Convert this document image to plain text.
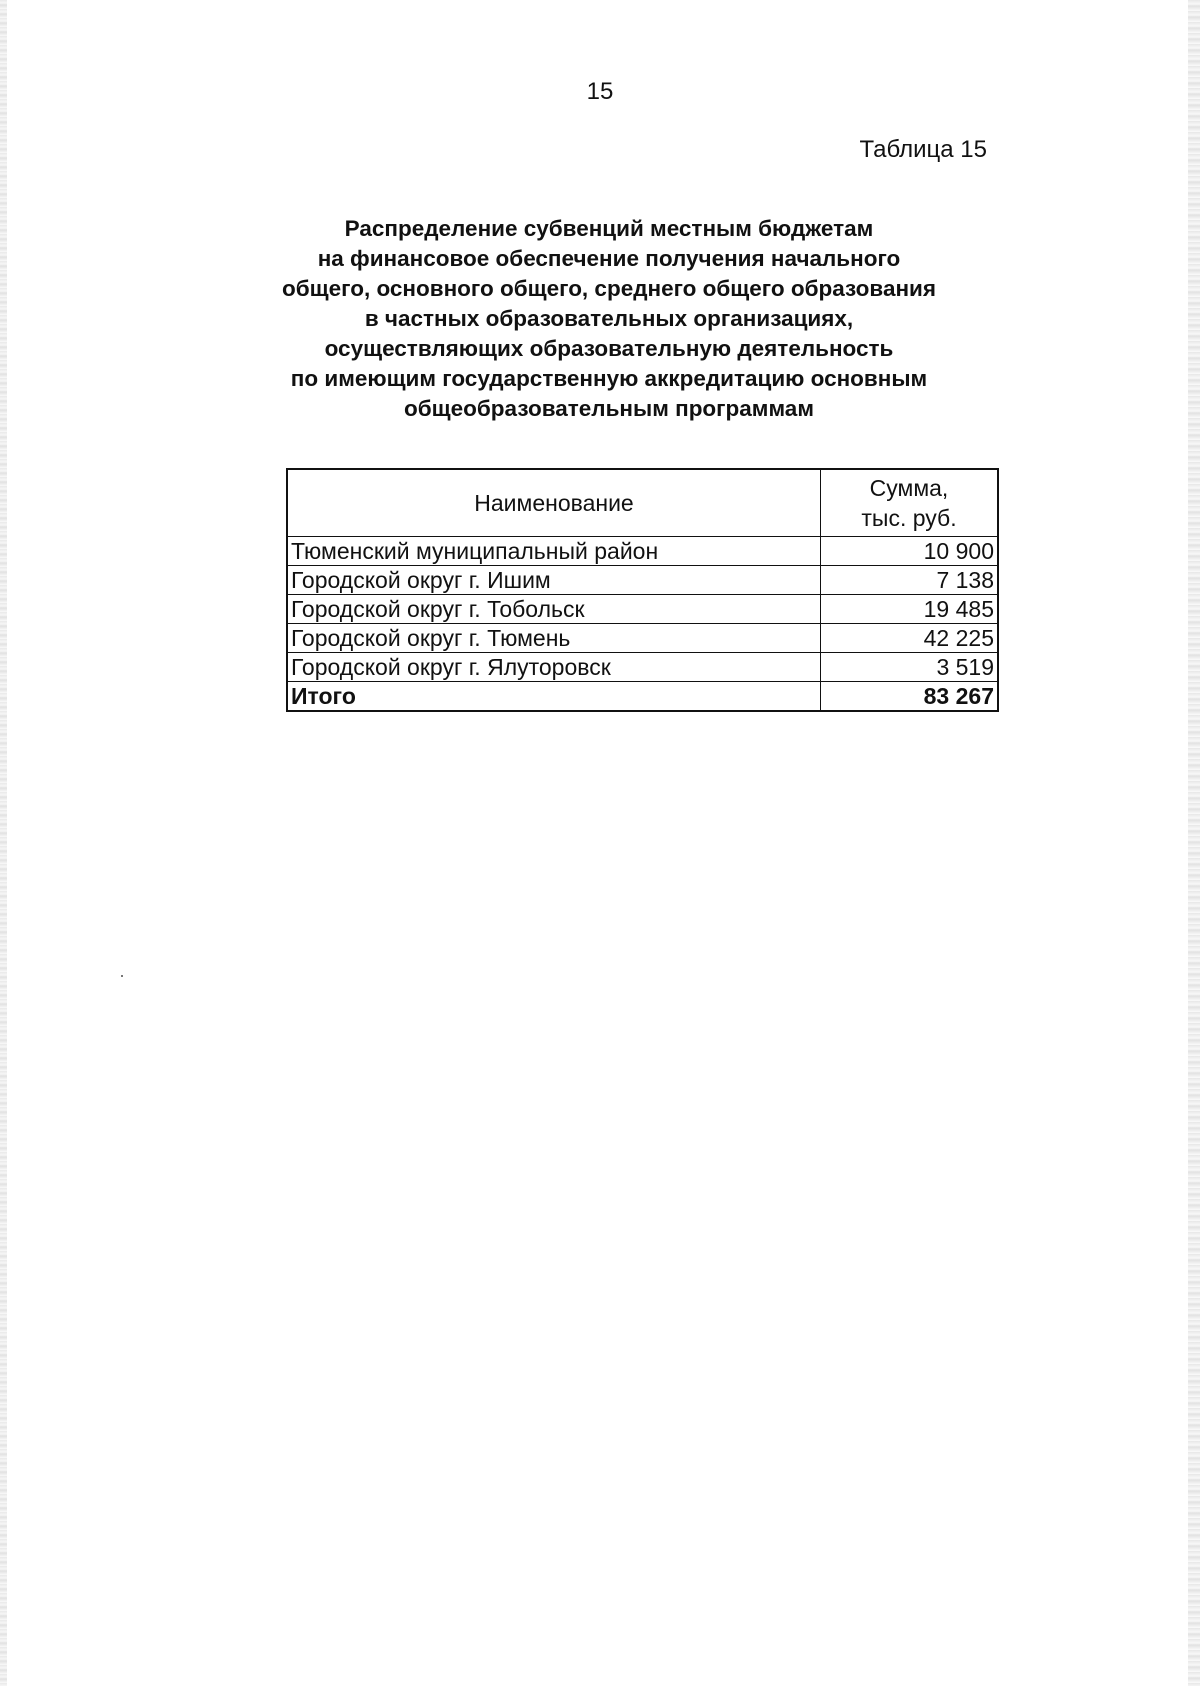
15
Таблица 15
Распределение субвенций местным бюджетам
на финансовое обеспечение получения начального
общего, основного общего, среднего общего образования
в частных образовательных организациях,
осуществляющих образовательную деятельность
по имеющим государственную аккредитацию основным
общеобразовательным программам
Наименование	Сумма,
тыс. руб.
Тюменский муниципальный район	10 900
Городской округ г. Ишим	7 138
Городской округ г. Тобольск	19 485
Городской округ г. Тюмень	42 225
Городской округ г. Ялуторовск	3 519
Итого	83 267
